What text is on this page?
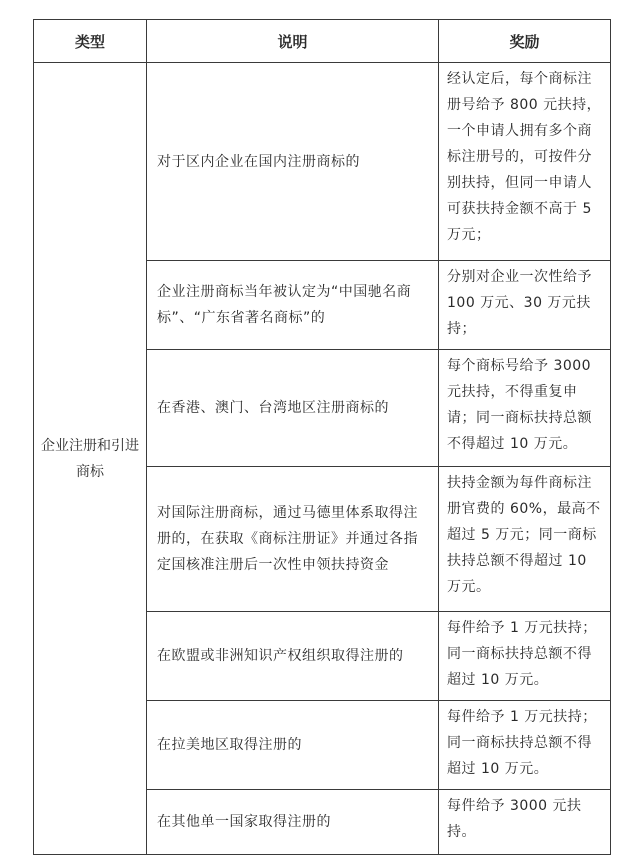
类型	说明	奖励
企业注册和引进商标	对于区内企业在国内注册商标的	经认定后，每个商标注册号给予 800 元扶持，一个申请人拥有多个商标注册号的，可按件分别扶持，但同一申请人可获扶持金额不高于 5 万元；
	企业注册商标当年被认定为“中国驰名商标”、“广东省著名商标”的	分别对企业一次性给予 100 万元、30 万元扶持；
	在香港、澳门、台湾地区注册商标的	每个商标号给予 3000 元扶持，不得重复申请；同一商标扶持总额不得超过 10 万元。
	对国际注册商标，通过马德里体系取得注册的，在获取《商标注册证》并通过各指定国核准注册后一次性申领扶持资金	扶持金额为每件商标注册官费的 60%，最高不超过 5 万元；同一商标扶持总额不得超过 10 万元。
	在欧盟或非洲知识产权组织取得注册的	每件给予 1 万元扶持；同一商标扶持总额不得超过 10 万元。
	在拉美地区取得注册的	每件给予 1 万元扶持；同一商标扶持总额不得超过 10 万元。
	在其他单一国家取得注册的	每件给予 3000 元扶持。
